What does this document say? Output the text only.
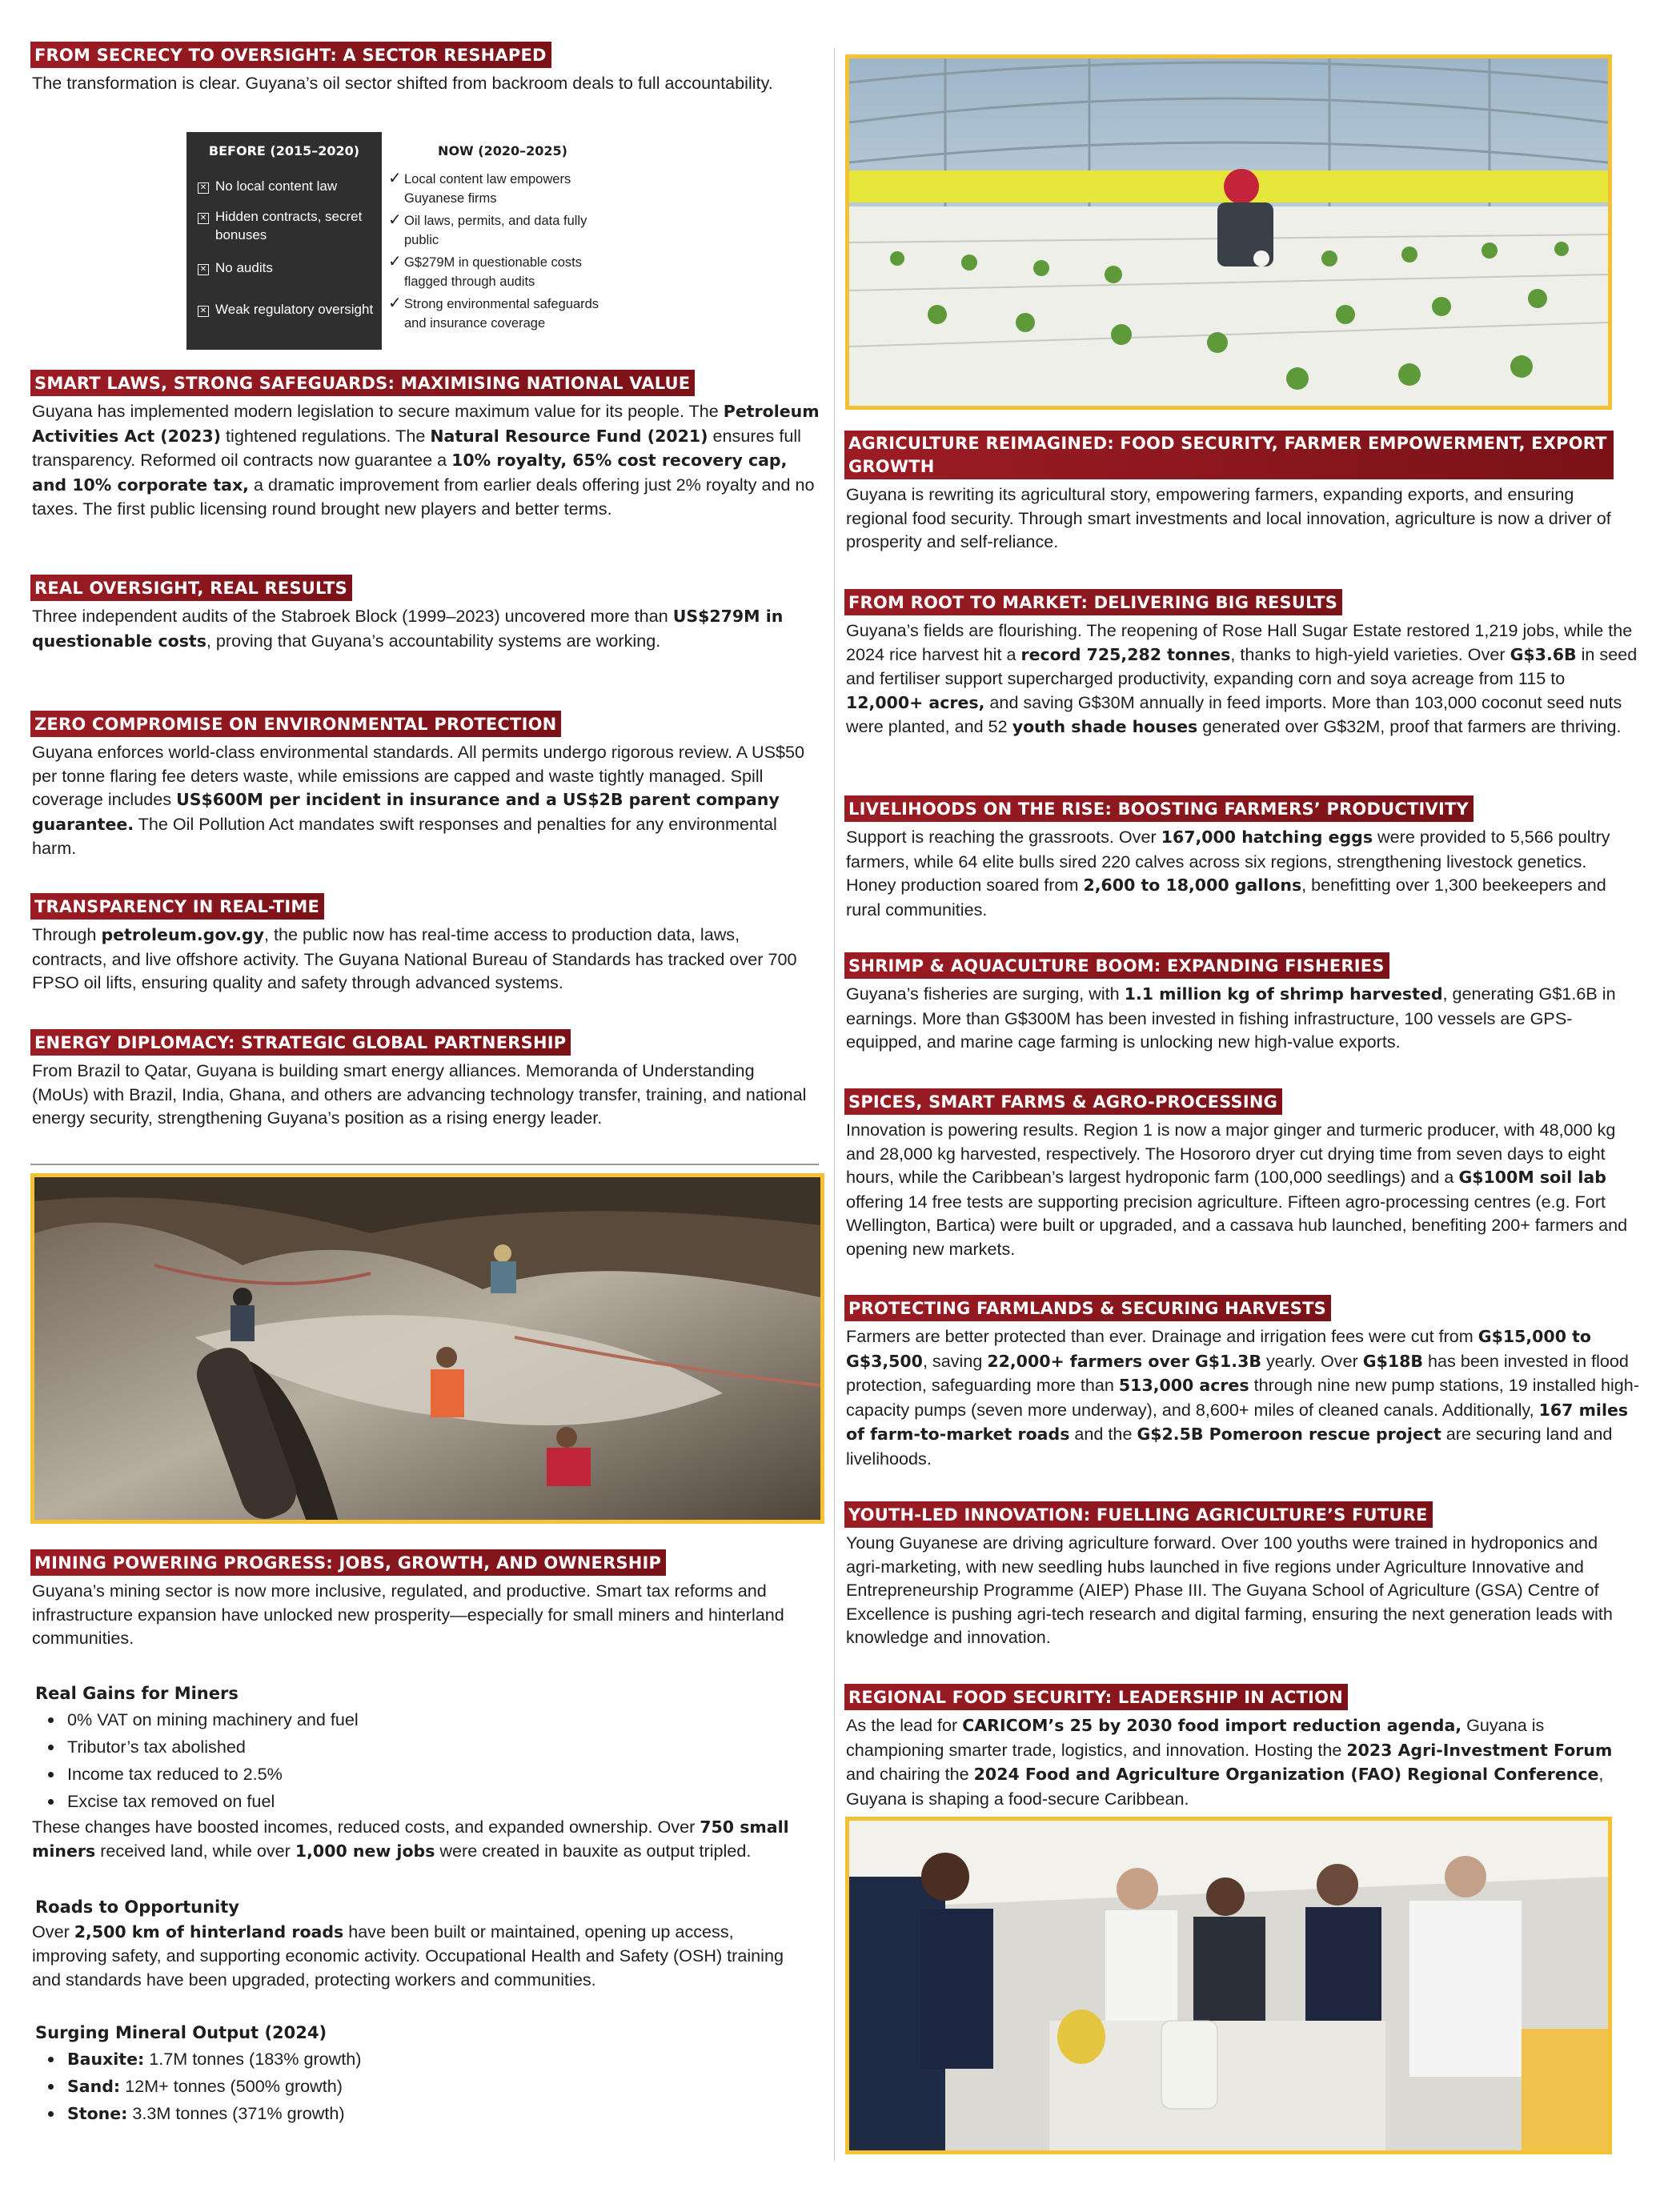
FROM SECRECY TO OVERSIGHT: A SECTOR RESHAPED
The transformation is clear. Guyana’s oil sector shifted from backroom deals to full accountability.
BEFORE (2015–2020)
✕ No local content law
✕ Hidden contracts, secret bonuses
✕ No audits
✕ Weak regulatory oversight
NOW (2020–2025)
✓ Local content law empowers Guyanese firms
✓ Oil laws, permits, and data fully public
✓ G$279M in questionable costs flagged through audits
✓ Strong environmental safeguards and insurance coverage
SMART LAWS, STRONG SAFEGUARDS: MAXIMISING NATIONAL VALUE
Guyana has implemented modern legislation to secure maximum value for its people. The Petroleum Activities Act (2023) tightened regulations. The Natural Resource Fund (2021) ensures full transparency. Reformed oil contracts now guarantee a 10% royalty, 65% cost recovery cap, and 10% corporate tax, a dramatic improvement from earlier deals offering just 2% royalty and no taxes. The first public licensing round brought new players and better terms.
REAL OVERSIGHT, REAL RESULTS
Three independent audits of the Stabroek Block (1999–2023) uncovered more than US$279M in questionable costs, proving that Guyana’s accountability systems are working.
ZERO COMPROMISE ON ENVIRONMENTAL PROTECTION
Guyana enforces world-class environmental standards. All permits undergo rigorous review. A US$50 per tonne flaring fee deters waste, while emissions are capped and waste tightly managed. Spill coverage includes US$600M per incident in insurance and a US$2B parent company guarantee. The Oil Pollution Act mandates swift responses and penalties for any environmental harm.
TRANSPARENCY IN REAL-TIME
Through petroleum.gov.gy, the public now has real-time access to production data, laws, contracts, and live offshore activity. The Guyana National Bureau of Standards has tracked over 700 FPSO oil lifts, ensuring quality and safety through advanced systems.
ENERGY DIPLOMACY: STRATEGIC GLOBAL PARTNERSHIP
From Brazil to Qatar, Guyana is building smart energy alliances. Memoranda of Understanding (MoUs) with Brazil, India, Ghana, and others are advancing technology transfer, training, and national energy security, strengthening Guyana’s position as a rising energy leader.
MINING POWERING PROGRESS: JOBS, GROWTH, AND OWNERSHIP
Guyana’s mining sector is now more inclusive, regulated, and productive. Smart tax reforms and infrastructure expansion have unlocked new prosperity—especially for small miners and hinterland communities.
Real Gains for Miners
• 0% VAT on mining machinery and fuel
• Tributor’s tax abolished
• Income tax reduced to 2.5%
• Excise tax removed on fuel
These changes have boosted incomes, reduced costs, and expanded ownership. Over 750 small miners received land, while over 1,000 new jobs were created in bauxite as output tripled.
Roads to Opportunity
Over 2,500 km of hinterland roads have been built or maintained, opening up access, improving safety, and supporting economic activity. Occupational Health and Safety (OSH) training and standards have been upgraded, protecting workers and communities.
Surging Mineral Output (2024)
• Bauxite: 1.7M tonnes (183% growth)
• Sand: 12M+ tonnes (500% growth)
• Stone: 3.3M tonnes (371% growth)
AGRICULTURE REIMAGINED: FOOD SECURITY, FARMER EMPOWERMENT, EXPORT
GROWTH
Guyana is rewriting its agricultural story, empowering farmers, expanding exports, and ensuring regional food security. Through smart investments and local innovation, agriculture is now a driver of prosperity and self-reliance.
FROM ROOT TO MARKET: DELIVERING BIG RESULTS
Guyana’s fields are flourishing. The reopening of Rose Hall Sugar Estate restored 1,219 jobs, while the 2024 rice harvest hit a record 725,282 tonnes, thanks to high-yield varieties. Over G$3.6B in seed and fertiliser support supercharged productivity, expanding corn and soya acreage from 115 to 12,000+ acres, and saving G$30M annually in feed imports. More than 103,000 coconut seed nuts were planted, and 52 youth shade houses generated over G$32M, proof that farmers are thriving.
LIVELIHOODS ON THE RISE: BOOSTING FARMERS’ PRODUCTIVITY
Support is reaching the grassroots. Over 167,000 hatching eggs were provided to 5,566 poultry farmers, while 64 elite bulls sired 220 calves across six regions, strengthening livestock genetics. Honey production soared from 2,600 to 18,000 gallons, benefitting over 1,300 beekeepers and rural communities.
SHRIMP & AQUACULTURE BOOM: EXPANDING FISHERIES
Guyana’s fisheries are surging, with 1.1 million kg of shrimp harvested, generating G$1.6B in earnings. More than G$300M has been invested in fishing infrastructure, 100 vessels are GPS-equipped, and marine cage farming is unlocking new high-value exports.
SPICES, SMART FARMS & AGRO-PROCESSING
Innovation is powering results. Region 1 is now a major ginger and turmeric producer, with 48,000 kg and 28,000 kg harvested, respectively. The Hosororo dryer cut drying time from seven days to eight hours, while the Caribbean’s largest hydroponic farm (100,000 seedlings) and a G$100M soil lab offering 14 free tests are supporting precision agriculture. Fifteen agro-processing centres (e.g. Fort Wellington, Bartica) were built or upgraded, and a cassava hub launched, benefiting 200+ farmers and opening new markets.
PROTECTING FARMLANDS & SECURING HARVESTS
Farmers are better protected than ever. Drainage and irrigation fees were cut from G$15,000 to G$3,500, saving 22,000+ farmers over G$1.3B yearly. Over G$18B has been invested in flood protection, safeguarding more than 513,000 acres through nine new pump stations, 19 installed high-capacity pumps (seven more underway), and 8,600+ miles of cleaned canals. Additionally, 167 miles of farm-to-market roads and the G$2.5B Pomeroon rescue project are securing land and livelihoods.
YOUTH-LED INNOVATION: FUELLING AGRICULTURE’S FUTURE
Young Guyanese are driving agriculture forward. Over 100 youths were trained in hydroponics and agri-marketing, with new seedling hubs launched in five regions under Agriculture Innovative and Entrepreneurship Programme (AIEP) Phase III. The Guyana School of Agriculture (GSA) Centre of Excellence is pushing agri-tech research and digital farming, ensuring the next generation leads with knowledge and innovation.
REGIONAL FOOD SECURITY: LEADERSHIP IN ACTION
As the lead for CARICOM’s 25 by 2030 food import reduction agenda, Guyana is championing smarter trade, logistics, and innovation. Hosting the 2023 Agri-Investment Forum and chairing the 2024 Food and Agriculture Organization (FAO) Regional Conference, Guyana is shaping a food-secure Caribbean.
